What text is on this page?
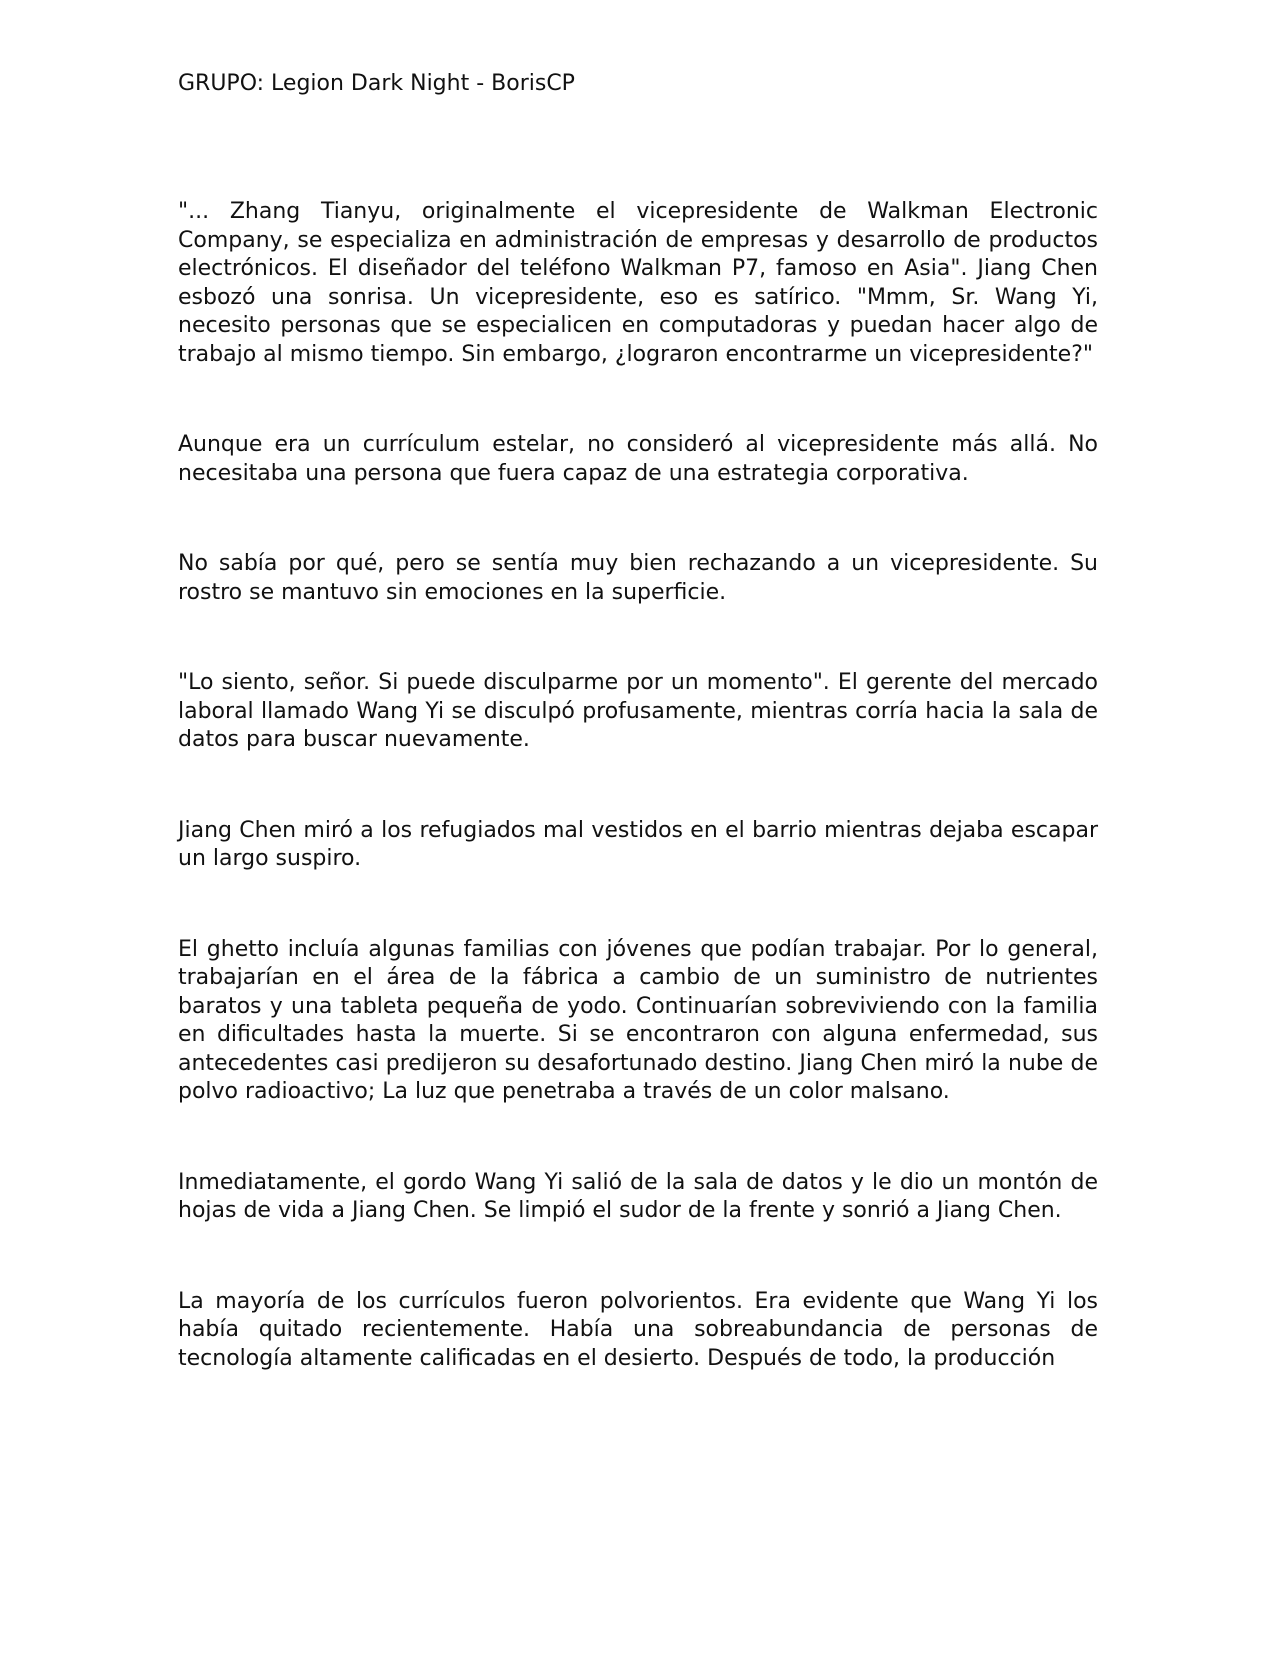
GRUPO: Legion Dark Night - BorisCP

"... Zhang Tianyu, originalmente el vicepresidente de Walkman Electronic Company, se especializa en administración de empresas y desarrollo de productos electrónicos. El diseñador del teléfono Walkman P7, famoso en Asia". Jiang Chen esbozó una sonrisa. Un vicepresidente, eso es satírico. "Mmm, Sr. Wang Yi, necesito personas que se especialicen en computadoras y puedan hacer algo de trabajo al mismo tiempo. Sin embargo, ¿lograron encontrarme un vicepresidente?"

Aunque era un currículum estelar, no consideró al vicepresidente más allá. No necesitaba una persona que fuera capaz de una estrategia corporativa.

No sabía por qué, pero se sentía muy bien rechazando a un vicepresidente. Su rostro se mantuvo sin emociones en la superficie.

"Lo siento, señor. Si puede disculparme por un momento". El gerente del mercado laboral llamado Wang Yi se disculpó profusamente, mientras corría hacia la sala de datos para buscar nuevamente.

Jiang Chen miró a los refugiados mal vestidos en el barrio mientras dejaba escapar un largo suspiro.

El ghetto incluía algunas familias con jóvenes que podían trabajar. Por lo general, trabajarían en el área de la fábrica a cambio de un suministro de nutrientes baratos y una tableta pequeña de yodo. Continuarían sobreviviendo con la familia en dificultades hasta la muerte. Si se encontraron con alguna enfermedad, sus antecedentes casi predijeron su desafortunado destino. Jiang Chen miró la nube de polvo radioactivo; La luz que penetraba a través de un color malsano.

Inmediatamente, el gordo Wang Yi salió de la sala de datos y le dio un montón de hojas de vida a Jiang Chen. Se limpió el sudor de la frente y sonrió a Jiang Chen.

La mayoría de los currículos fueron polvorientos. Era evidente que Wang Yi los había quitado recientemente. Había una sobreabundancia de personas de tecnología altamente calificadas en el desierto. Después de todo, la producción
